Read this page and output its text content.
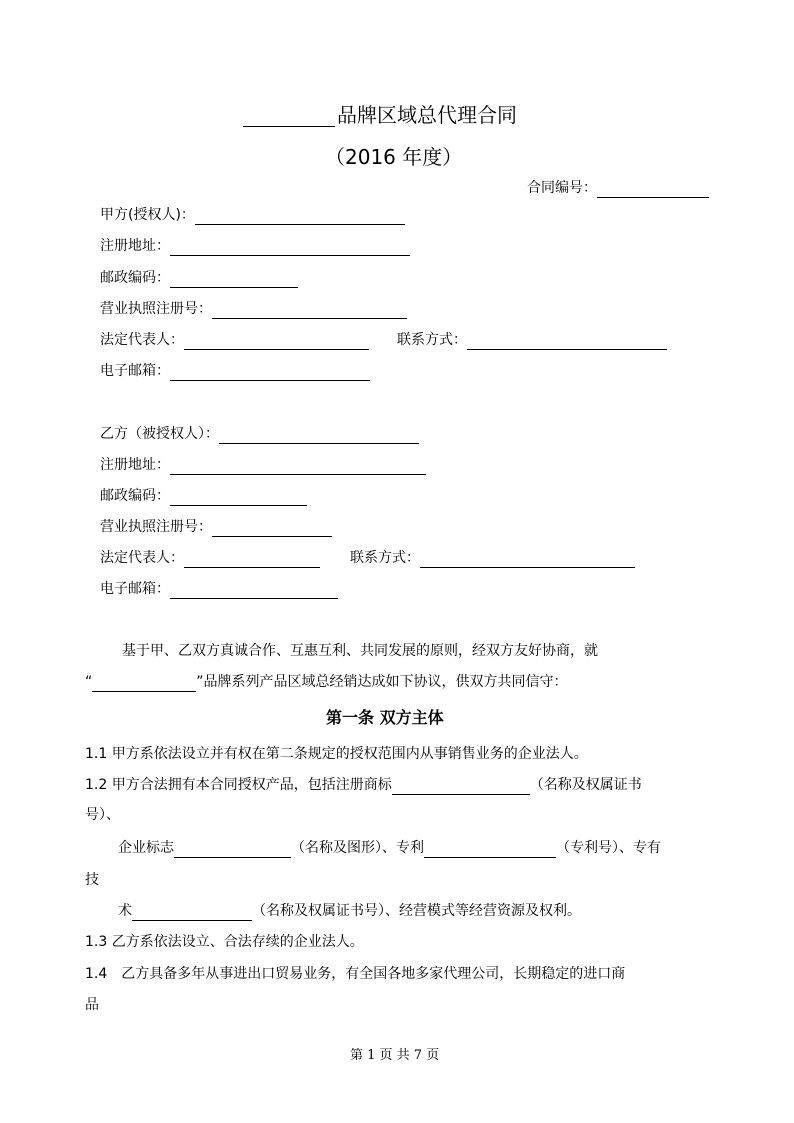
品牌区域总代理合同
（2016 年度）
合同编号：
甲方(授权人)：
注册地址：
邮政编码：
营业执照注册号：
法定代表人：	联系方式：
电子邮箱：
乙方（被授权人）：
注册地址：
邮政编码：
营业执照注册号：
法定代表人：	联系方式：
电子邮箱：
基于甲、乙双方真诚合作、互惠互利、共同发展的原则，经双方友好协商，就
“	”品牌系列产品区域总经销达成如下协议，供双方共同信守：
第一条 双方主体
1.1 甲方系依法设立并有权在第二条规定的授权范围内从事销售业务的企业法人。
1.2 甲方合法拥有本合同授权产品，包括注册商标	（名称及权属证书
号）、
企业标志	（名称及图形）、专利	（专利号）、专有
技
术	（名称及权属证书号）、经营模式等经营资源及权利。
1.3 乙方系依法设立、合法存续的企业法人。
1.4　乙方具备多年从事进出口贸易业务，有全国各地多家代理公司，长期稳定的进口商
品
第 1 页 共 7 页
